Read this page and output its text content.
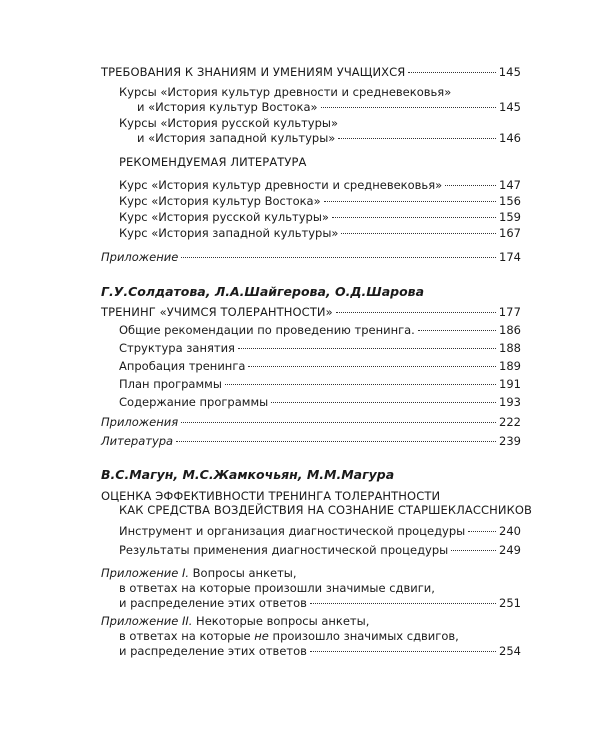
ТРЕБОВАНИЯ К ЗНАНИЯМ И УМЕНИЯМ УЧАЩИХСЯ	145
Курсы «История культур древности и средневековья»
и «История культур Востока»	145
Курсы «История русской культуры»
и «История западной культуры»	146
РЕКОМЕНДУЕМАЯ ЛИТЕРАТУРА
Курс «История культур древности и средневековья»	147
Курс «История культур Востока»	156
Курс «История русской культуры»	159
Курс «История западной культуры»	167
Приложение	174
Г.У.Солдатова, Л.А.Шайгерова, О.Д.Шарова
ТРЕНИНГ «УЧИМСЯ ТОЛЕРАНТНОСТИ»	177
Общие рекомендации по проведению тренинга.	186
Структура занятия	188
Апробация тренинга	189
План программы	191
Содержание программы	193
Приложения	222
Литература	239
В.С.Магун, М.С.Жамкочьян, М.М.Магура
ОЦЕНКА ЭФФЕКТИВНОСТИ ТРЕНИНГА ТОЛЕРАНТНОСТИ
КАК СРЕДСТВА ВОЗДЕЙСТВИЯ НА СОЗНАНИЕ СТАРШЕКЛАССНИКОВ
Инструмент и организация диагностической процедуры	240
Результаты применения диагностической процедуры	249
Приложение I. Вопросы анкеты,
в ответах на которые произошли значимые сдвиги,
и распределение этих ответов	251
Приложение II. Некоторые вопросы анкеты,
в ответах на которые не произошло значимых сдвигов,
и распределение этих ответов	254
